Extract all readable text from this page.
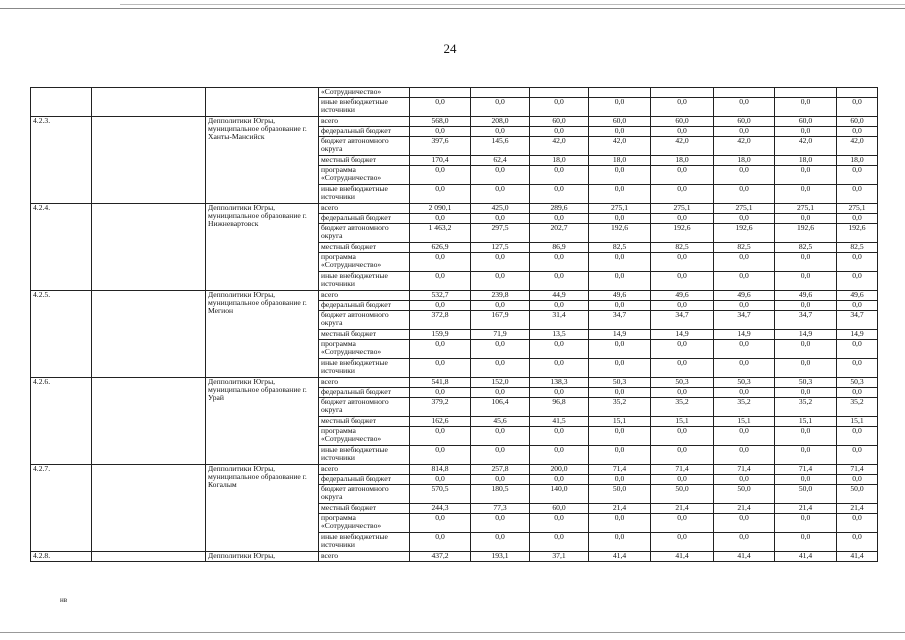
24
			«Сотрудничество»								
			иные внебюджетные источники	0,0	0,0	0,0	0,0	0,0	0,0	0,0	0,0
4.2.3.		Депполитики Югры, муниципальное образование г. Ханты-Мансийск	всего	568,0	208,0	60,0	60,0	60,0	60,0	60,0	60,0
			федеральный бюджет	0,0	0,0	0,0	0,0	0,0	0,0	0,0	0,0
			бюджет автономного округа	397,6	145,6	42,0	42,0	42,0	42,0	42,0	42,0
			местный бюджет	170,4	62,4	18,0	18,0	18,0	18,0	18,0	18,0
			программа «Сотрудничество»	0,0	0,0	0,0	0,0	0,0	0,0	0,0	0,0
			иные внебюджетные источники	0,0	0,0	0,0	0,0	0,0	0,0	0,0	0,0
4.2.4.		Депполитики Югры, муниципальное образование г. Нижневартовск	всего	2 090,1	425,0	289,6	275,1	275,1	275,1	275,1	275,1
			федеральный бюджет	0,0	0,0	0,0	0,0	0,0	0,0	0,0	0,0
			бюджет автономного округа	1 463,2	297,5	202,7	192,6	192,6	192,6	192,6	192,6
			местный бюджет	626,9	127,5	86,9	82,5	82,5	82,5	82,5	82,5
			программа «Сотрудничество»	0,0	0,0	0,0	0,0	0,0	0,0	0,0	0,0
			иные внебюджетные источники	0,0	0,0	0,0	0,0	0,0	0,0	0,0	0,0
4.2.5.		Депполитики Югры, муниципальное образование г. Мегион	всего	532,7	239,8	44,9	49,6	49,6	49,6	49,6	49,6
			федеральный бюджет	0,0	0,0	0,0	0,0	0,0	0,0	0,0	0,0
			бюджет автономного округа	372,8	167,9	31,4	34,7	34,7	34,7	34,7	34,7
			местный бюджет	159,9	71,9	13,5	14,9	14,9	14,9	14,9	14,9
			программа «Сотрудничество»	0,0	0,0	0,0	0,0	0,0	0,0	0,0	0,0
			иные внебюджетные источники	0,0	0,0	0,0	0,0	0,0	0,0	0,0	0,0
4.2.6.		Депполитики Югры, муниципальное образование г. Урай	всего	541,8	152,0	138,3	50,3	50,3	50,3	50,3	50,3
			федеральный бюджет	0,0	0,0	0,0	0,0	0,0	0,0	0,0	0,0
			бюджет автономного округа	379,2	106,4	96,8	35,2	35,2	35,2	35,2	35,2
			местный бюджет	162,6	45,6	41,5	15,1	15,1	15,1	15,1	15,1
			программа «Сотрудничество»	0,0	0,0	0,0	0,0	0,0	0,0	0,0	0,0
			иные внебюджетные источники	0,0	0,0	0,0	0,0	0,0	0,0	0,0	0,0
4.2.7.		Депполитики Югры, муниципальное образование г. Когалым	всего	814,8	257,8	200,0	71,4	71,4	71,4	71,4	71,4
			федеральный бюджет	0,0	0,0	0,0	0,0	0,0	0,0	0,0	0,0
			бюджет автономного округа	570,5	180,5	140,0	50,0	50,0	50,0	50,0	50,0
			местный бюджет	244,3	77,3	60,0	21,4	21,4	21,4	21,4	21,4
			программа «Сотрудничество»	0,0	0,0	0,0	0,0	0,0	0,0	0,0	0,0
			иные внебюджетные источники	0,0	0,0	0,0	0,0	0,0	0,0	0,0	0,0
4.2.8.		Депполитики Югры,	всего	437,2	193,1	37,1	41,4	41,4	41,4	41,4	41,4
нв
